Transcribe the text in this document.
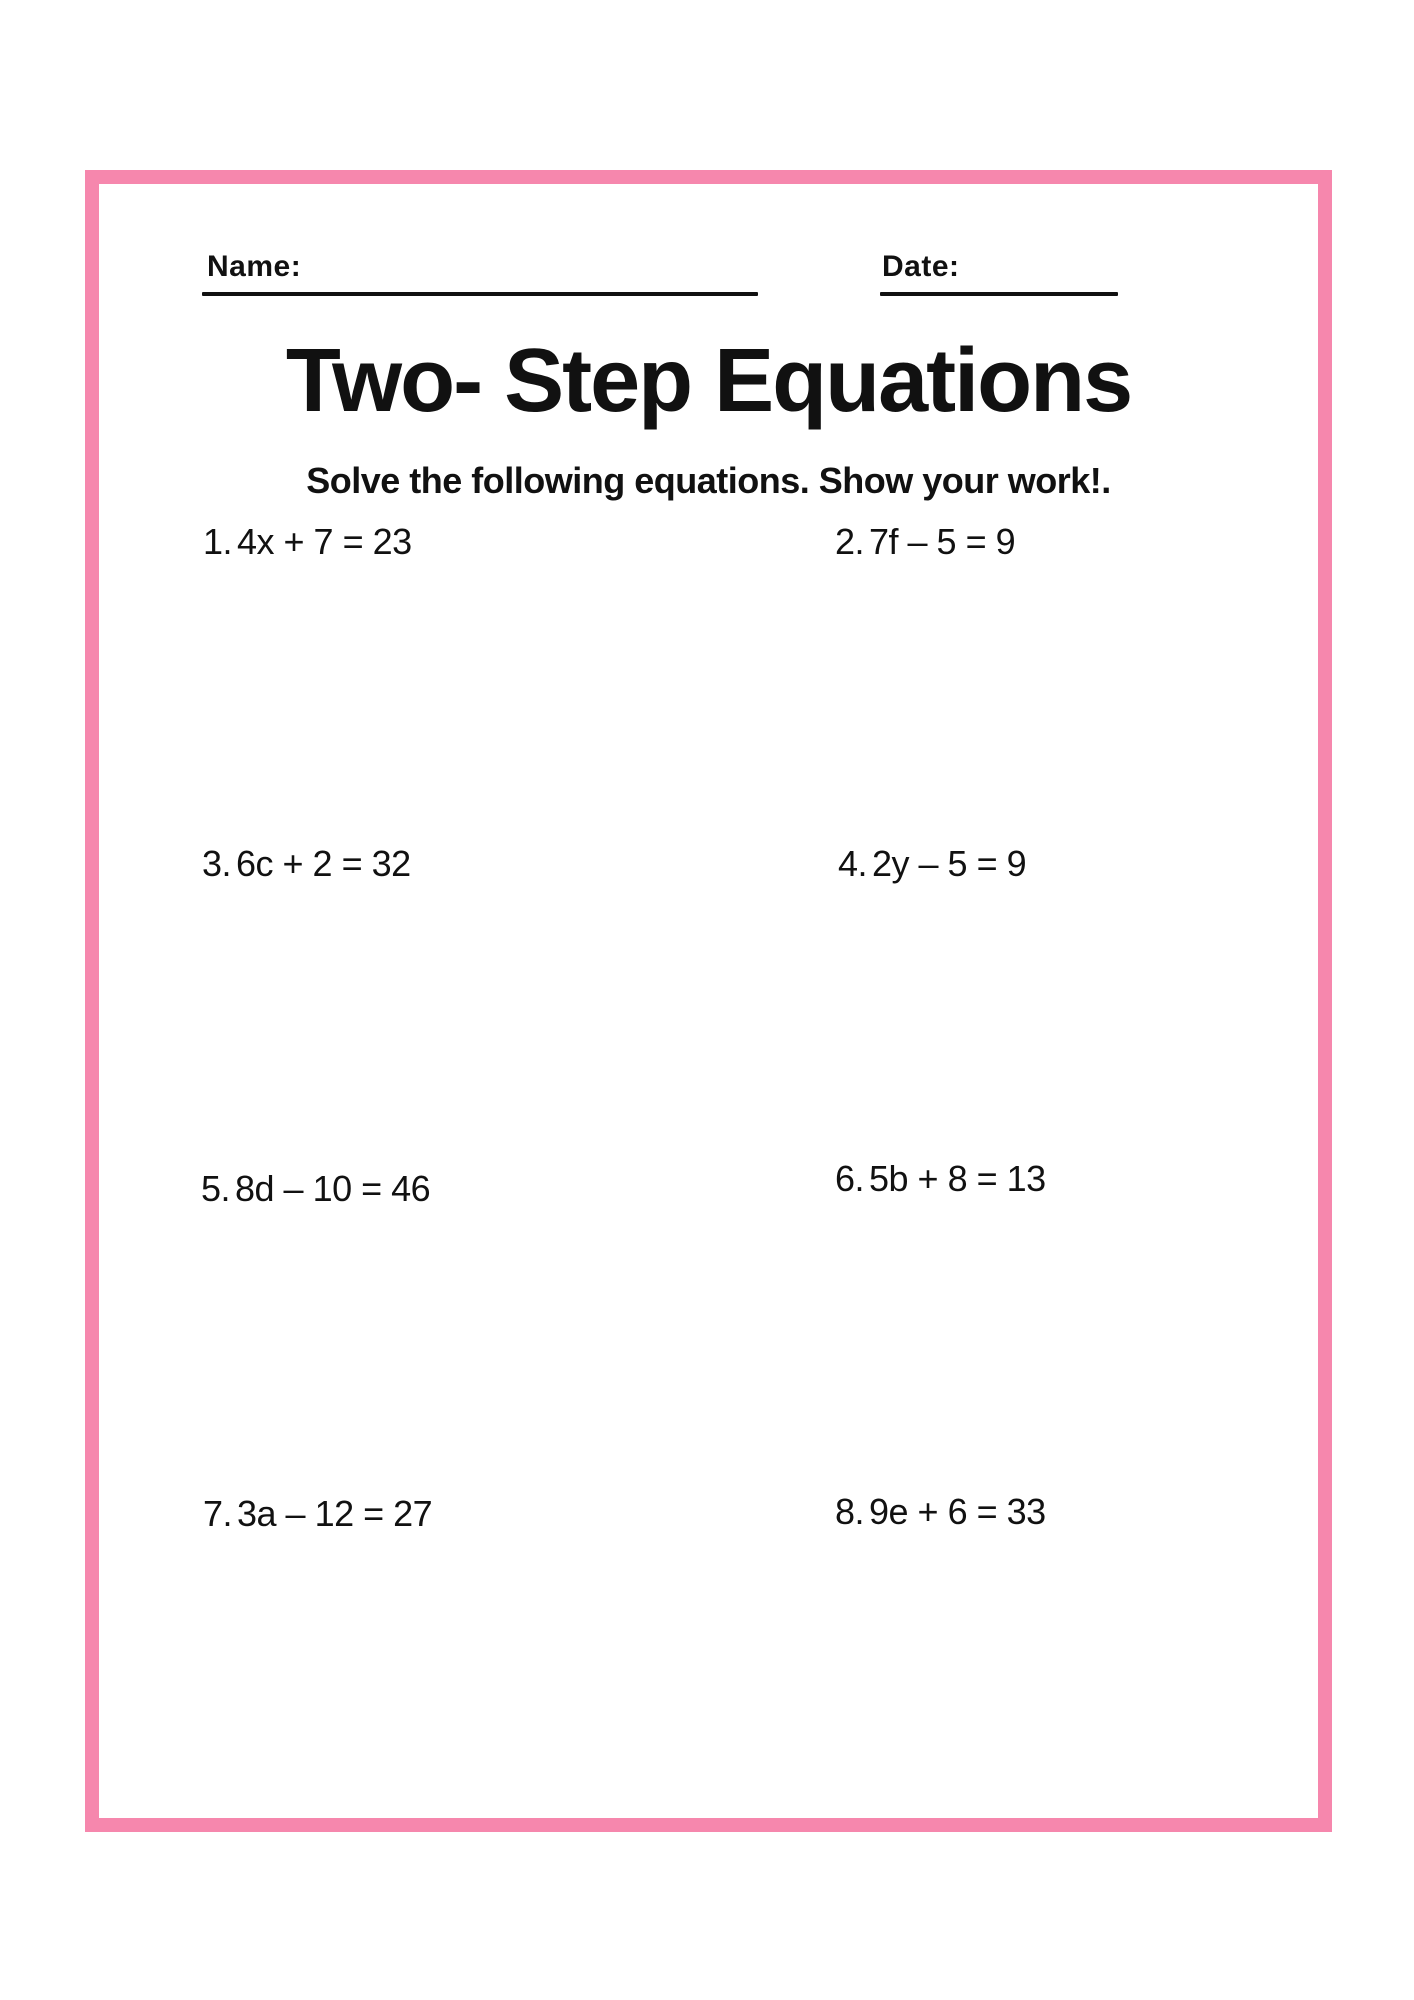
Name:	Date:
Two- Step Equations
Solve the following equations. Show your work!.
1. 4x + 7 = 23	2. 7f – 5 = 9
3. 6c + 2 = 32	4. 2y – 5 = 9
5. 8d – 10 = 46	6. 5b + 8 = 13
7. 3a – 12 = 27	8. 9e + 6 = 33
